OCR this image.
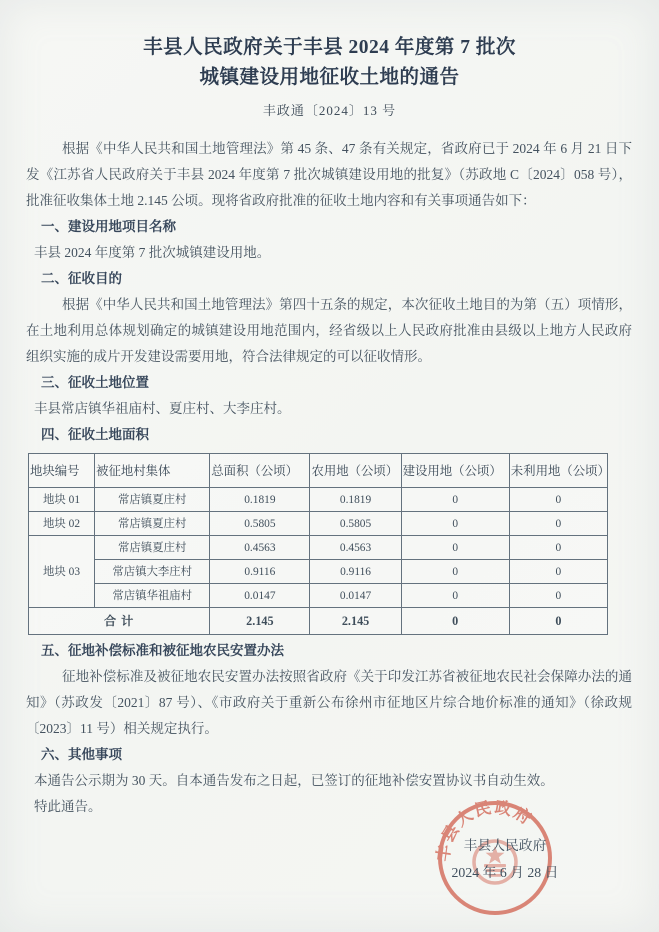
丰县人民政府关于丰县 2024 年度第 7 批次
城镇建设用地征收土地的通告
丰政通〔2024〕13 号
根据《中华人民共和国土地管理法》第 45 条、47 条有关规定，省政府已于 2024 年 6 月 21 日下发《江苏省人民政府关于丰县 2024 年度第 7 批次城镇建设用地的批复》（苏政地 C〔2024〕058 号），批准征收集体土地 2.145 公顷。现将省政府批准的征收土地内容和有关事项通告如下：
一、建设用地项目名称
丰县 2024 年度第 7 批次城镇建设用地。
二、征收目的
根据《中华人民共和国土地管理法》第四十五条的规定，本次征收土地目的为第（五）项情形，在土地利用总体规划确定的城镇建设用地范围内，经省级以上人民政府批准由县级以上地方人民政府组织实施的成片开发建设需要用地，符合法律规定的可以征收情形。
三、征收土地位置
丰县常店镇华祖庙村、夏庄村、大李庄村。
四、征收土地面积
地块编号	被征地村集体	总面积（公顷）	农用地（公顷）	建设用地（公顷）	未利用地（公顷）
地块 01	常店镇夏庄村	0.1819	0.1819	0	0
地块 02	常店镇夏庄村	0.5805	0.5805	0	0
地块 03	常店镇夏庄村	0.4563	0.4563	0	0
	常店镇大李庄村	0.9116	0.9116	0	0
	常店镇华祖庙村	0.0147	0.0147	0	0
合 计		2.145	2.145	0	0
五、征地补偿标准和被征地农民安置办法
征地补偿标准及被征地农民安置办法按照省政府《关于印发江苏省被征地农民社会保障办法的通知》（苏政发〔2021〕87 号）、《市政府关于重新公布徐州市征地区片综合地价标准的通知》（徐政规〔2023〕11 号）相关规定执行。
六、其他事项
本通告公示期为 30 天。自本通告发布之日起，已签订的征地补偿安置协议书自动生效。
特此通告。
丰县人民政府
丰县人民政府
2024 年 6 月 28 日
